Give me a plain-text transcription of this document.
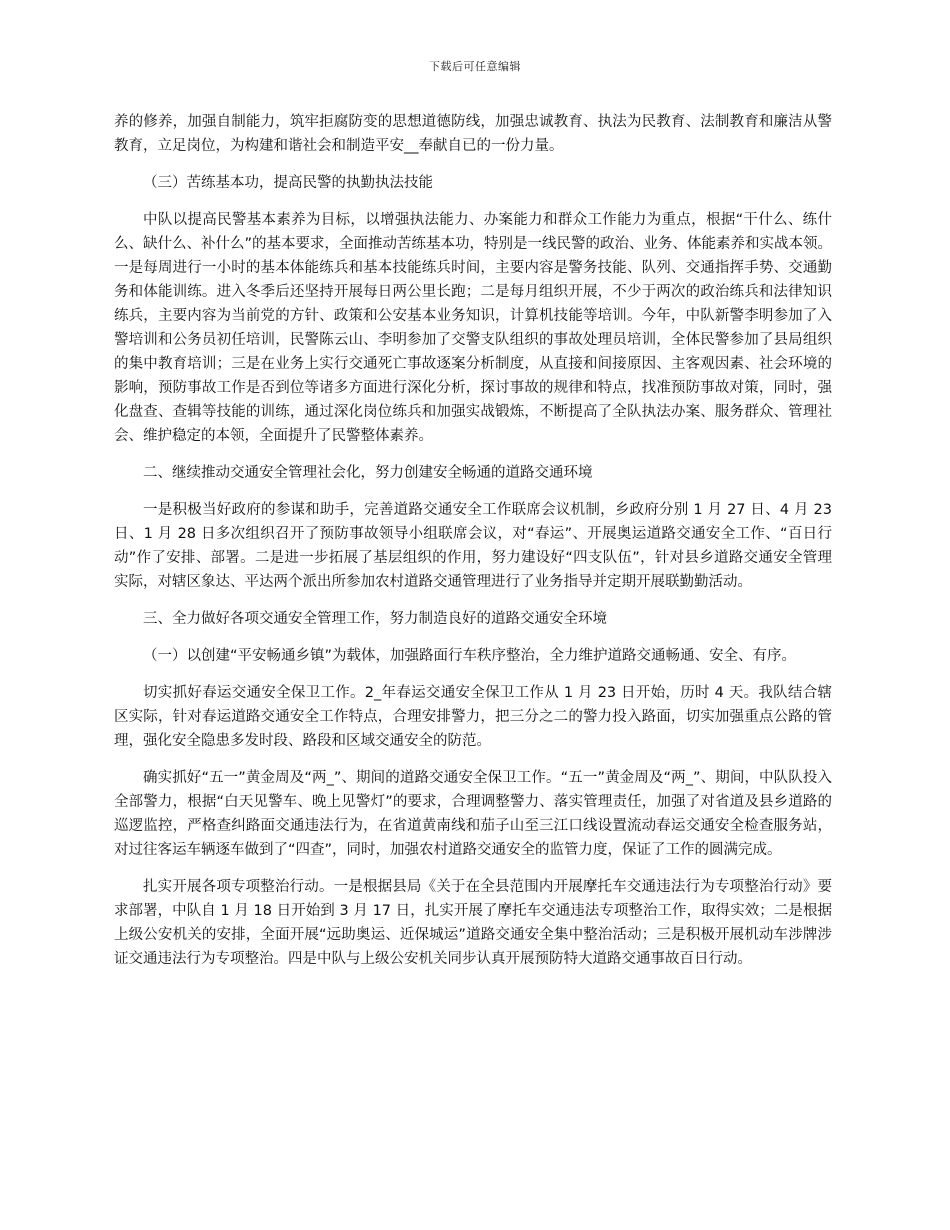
下载后可任意编辑

养的修养，加强自制能力，筑牢拒腐防变的思想道德防线，加强忠诚教育、执法为民教育、法制教育和廉洁从警教育，立足岗位，为构建和谐社会和制造平安__奉献自已的一份力量。

（三）苦练基本功，提高民警的执勤执法技能

中队以提高民警基本素养为目标，以增强执法能力、办案能力和群众工作能力为重点，根据“干什么、练什么、缺什么、补什么”的基本要求，全面推动苦练基本功，特别是一线民警的政治、业务、体能素养和实战本领。一是每周进行一小时的基本体能练兵和基本技能练兵时间，主要内容是警务技能、队列、交通指挥手势、交通勤务和体能训练。进入冬季后还坚持开展每日两公里长跑；二是每月组织开展，不少于两次的政治练兵和法律知识练兵，主要内容为当前党的方针、政策和公安基本业务知识，计算机技能等培训。今年，中队新警李明参加了入警培训和公务员初任培训，民警陈云山、李明参加了交警支队组织的事故处理员培训，全体民警参加了县局组织的集中教育培训；三是在业务上实行交通死亡事故逐案分析制度，从直接和间接原因、主客观因素、社会环境的影响，预防事故工作是否到位等诸多方面进行深化分析，探讨事故的规律和特点，找准预防事故对策，同时，强化盘查、查辑等技能的训练，通过深化岗位练兵和加强实战锻炼，不断提高了全队执法办案、服务群众、管理社会、维护稳定的本领，全面提升了民警整体素养。

二、继续推动交通安全管理社会化，努力创建安全畅通的道路交通环境

一是积极当好政府的参谋和助手，完善道路交通安全工作联席会议机制，乡政府分别 1 月 27 日、4 月 23 日、1 月 28 日多次组织召开了预防事故领导小组联席会议，对“春运”、开展奥运道路交通安全工作、“百日行动”作了安排、部署。二是进一步拓展了基层组织的作用，努力建设好“四支队伍”，针对县乡道路交通安全管理实际，对辖区象达、平达两个派出所参加农村道路交通管理进行了业务指导并定期开展联勤勤活动。

三、全力做好各项交通安全管理工作，努力制造良好的道路交通安全环境

（一）以创建“平安畅通乡镇”为载体，加强路面行车秩序整治，全力维护道路交通畅通、安全、有序。

切实抓好春运交通安全保卫工作。2_年春运交通安全保卫工作从 1 月 23 日开始，历时 4 天。我队结合辖区实际，针对春运道路交通安全工作特点，合理安排警力，把三分之二的警力投入路面，切实加强重点公路的管理，强化安全隐患多发时段、路段和区域交通安全的防范。

确实抓好“五一”黄金周及“两_”、期间的道路交通安全保卫工作。“五一”黄金周及“两_”、期间，中队队投入全部警力，根据“白天见警车、晚上见警灯”的要求，合理调整警力、落实管理责任，加强了对省道及县乡道路的巡逻监控，严格查纠路面交通违法行为，在省道黄南线和茄子山至三江口线设置流动春运交通安全检查服务站，对过往客运车辆逐车做到了“四查”，同时，加强农村道路交通安全的监管力度，保证了工作的圆满完成。

扎实开展各项专项整治行动。一是根据县局《关于在全县范围内开展摩托车交通违法行为专项整治行动》要求部署，中队自 1 月 18 日开始到 3 月 17 日，扎实开展了摩托车交通违法专项整治工作，取得实效；二是根据上级公安机关的安排，全面开展“远助奥运、近保城运”道路交通安全集中整治活动；三是积极开展机动车涉牌涉证交通违法行为专项整治。四是中队与上级公安机关同步认真开展预防特大道路交通事故百日行动。
